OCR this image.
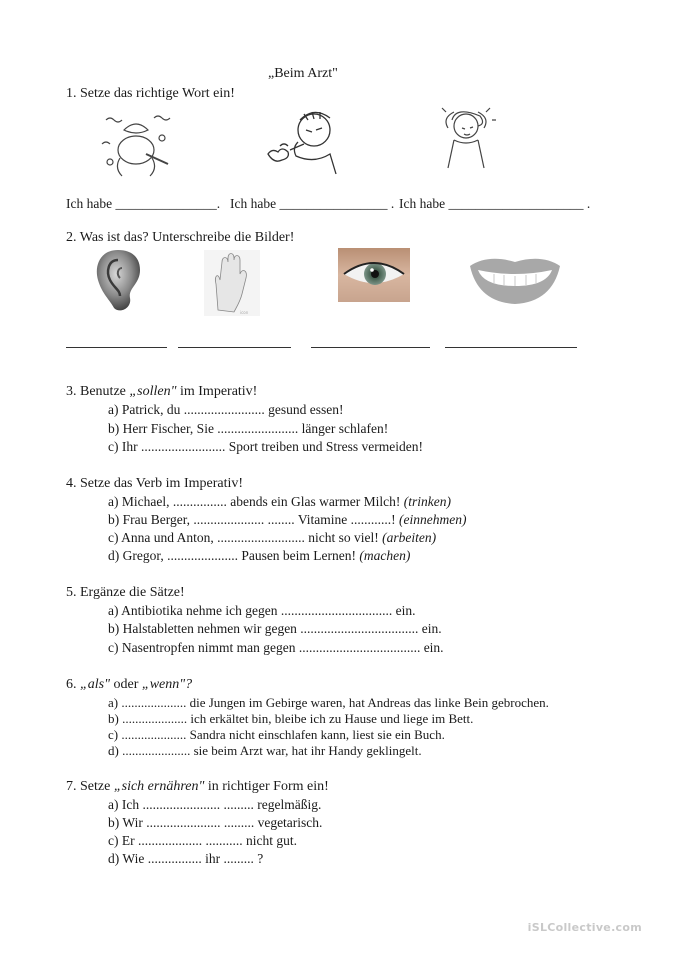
„Beim Arzt"
1. Setze das richtige Wort ein!
Ich habe _______________. Ich habe ________________ . Ich habe ____________________ .
2. Was ist das? Unterschreibe die Bilder!
icon
3. Benutze „sollen" im Imperativ!
a) Patrick, du ........................ gesund essen!
b) Herr Fischer, Sie ........................ länger schlafen!
c) Ihr ......................... Sport treiben und Stress vermeiden!
4. Setze das Verb im Imperativ!
a) Michael, ................ abends ein Glas warmer Milch! (trinken)
b) Frau Berger, ..................... ........ Vitamine ............! (einnehmen)
c) Anna und Anton, .......................... nicht so viel! (arbeiten)
d) Gregor, ..................... Pausen beim Lernen! (machen)
5. Ergänze die Sätze!
a) Antibiotika nehme ich gegen ................................. ein.
b) Halstabletten nehmen wir gegen ................................... ein.
c) Nasentropfen nimmt man gegen .................................... ein.
6. „als" oder „wenn"?
a) .................... die Jungen im Gebirge waren, hat Andreas das linke Bein gebrochen.
b) .................... ich erkältet bin, bleibe ich zu Hause und liege im Bett.
c) .................... Sandra nicht einschlafen kann, liest sie ein Buch.
d) ..................... sie beim Arzt war, hat ihr Handy geklingelt.
7. Setze „sich ernähren" in richtiger Form ein!
a) Ich ....................... ......... regelmäßig.
b) Wir ...................... ......... vegetarisch.
c) Er ................... ........... nicht gut.
d) Wie ................ ihr ......... ?
iSLCollective.com
